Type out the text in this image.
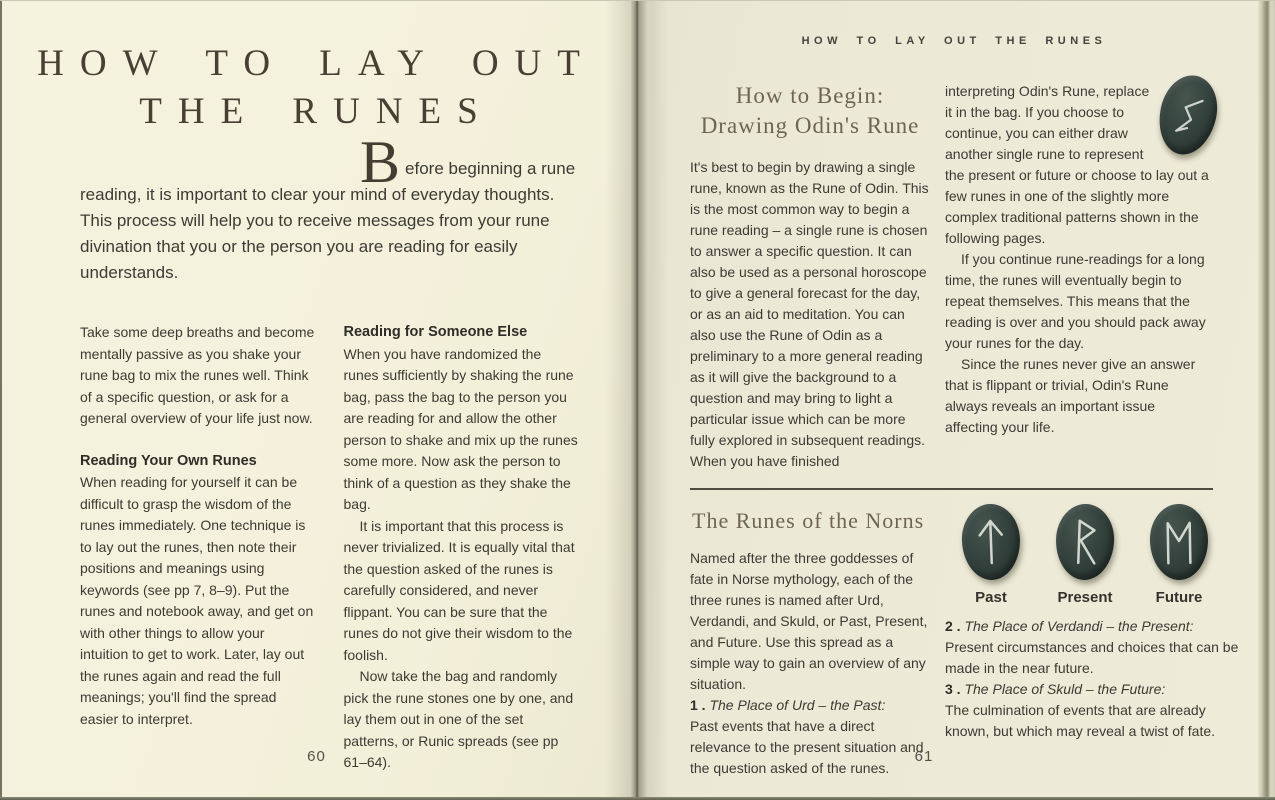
HOW TO LAY OUT
THE RUNES
Before beginning a rune reading, it is important to clear your mind of everyday thoughts. This process will help you to receive messages from your rune divination that you or the person you are reading for easily understands.

Take some deep breaths and become mentally passive as you shake your rune bag to mix the runes well. Think of a specific question, or ask for a general overview of your life just now.

Reading Your Own Runes

When reading for yourself it can be difficult to grasp the wisdom of the runes immediately. One technique is to lay out the runes, then note their positions and meanings using keywords (see pp 7, 8–9). Put the runes and notebook away, and get on with other things to allow your intuition to get to work. Later, lay out the runes again and read the full meanings; you'll find the spread easier to interpret.

Reading for Someone Else

When you have randomized the runes sufficiently by shaking the rune bag, pass the bag to the person you are reading for and allow the other person to shake and mix up the runes some more. Now ask the person to think of a question as they shake the bag.

It is important that this process is never trivialized. It is equally vital that the question asked of the runes is carefully considered, and never flippant. You can be sure that the runes do not give their wisdom to the foolish.

Now take the bag and randomly pick the rune stones one by one, and lay them out in one of the set patterns, or Runic spreads (see pp 61–64).

60
HOW TO LAY OUT THE RUNES
How to Begin:
Drawing Odin's Rune

It's best to begin by drawing a single rune, known as the Rune of Odin. This is the most common way to begin a rune reading – a single rune is chosen to answer a specific question. It can also be used as a personal horoscope to give a general forecast for the day, or as an aid to meditation. You can also use the Rune of Odin as a preliminary to a more general reading as it will give the background to a question and may bring to light a particular issue which can be more fully explored in subsequent readings. When you have finished

interpreting Odin's Rune, replace it in the bag. If you choose to continue, you can either draw another single rune to represent the present or future or choose to lay out a few runes in one of the slightly more complex traditional patterns shown in the following pages.

If you continue rune-readings for a long time, the runes will eventually begin to repeat themselves. This means that the reading is over and you should pack away your runes for the day.

Since the runes never give an answer that is flippant or trivial, Odin's Rune always reveals an important issue affecting your life.

The Runes of the Norns

Named after the three goddesses of fate in Norse mythology, each of the three runes is named after Urd, Verdandi, and Skuld, or Past, Present, and Future. Use this spread as a simple way to gain an overview of any situation.

1 . The Place of Urd – the Past:

Past events that have a direct relevance to the present situation and the question asked of the runes.

Past	Present	Future

2 . The Place of Verdandi – the Present:

Present circumstances and choices that can be made in the near future.

3 . The Place of Skuld – the Future:

The culmination of events that are already known, but which may reveal a twist of fate.

61
